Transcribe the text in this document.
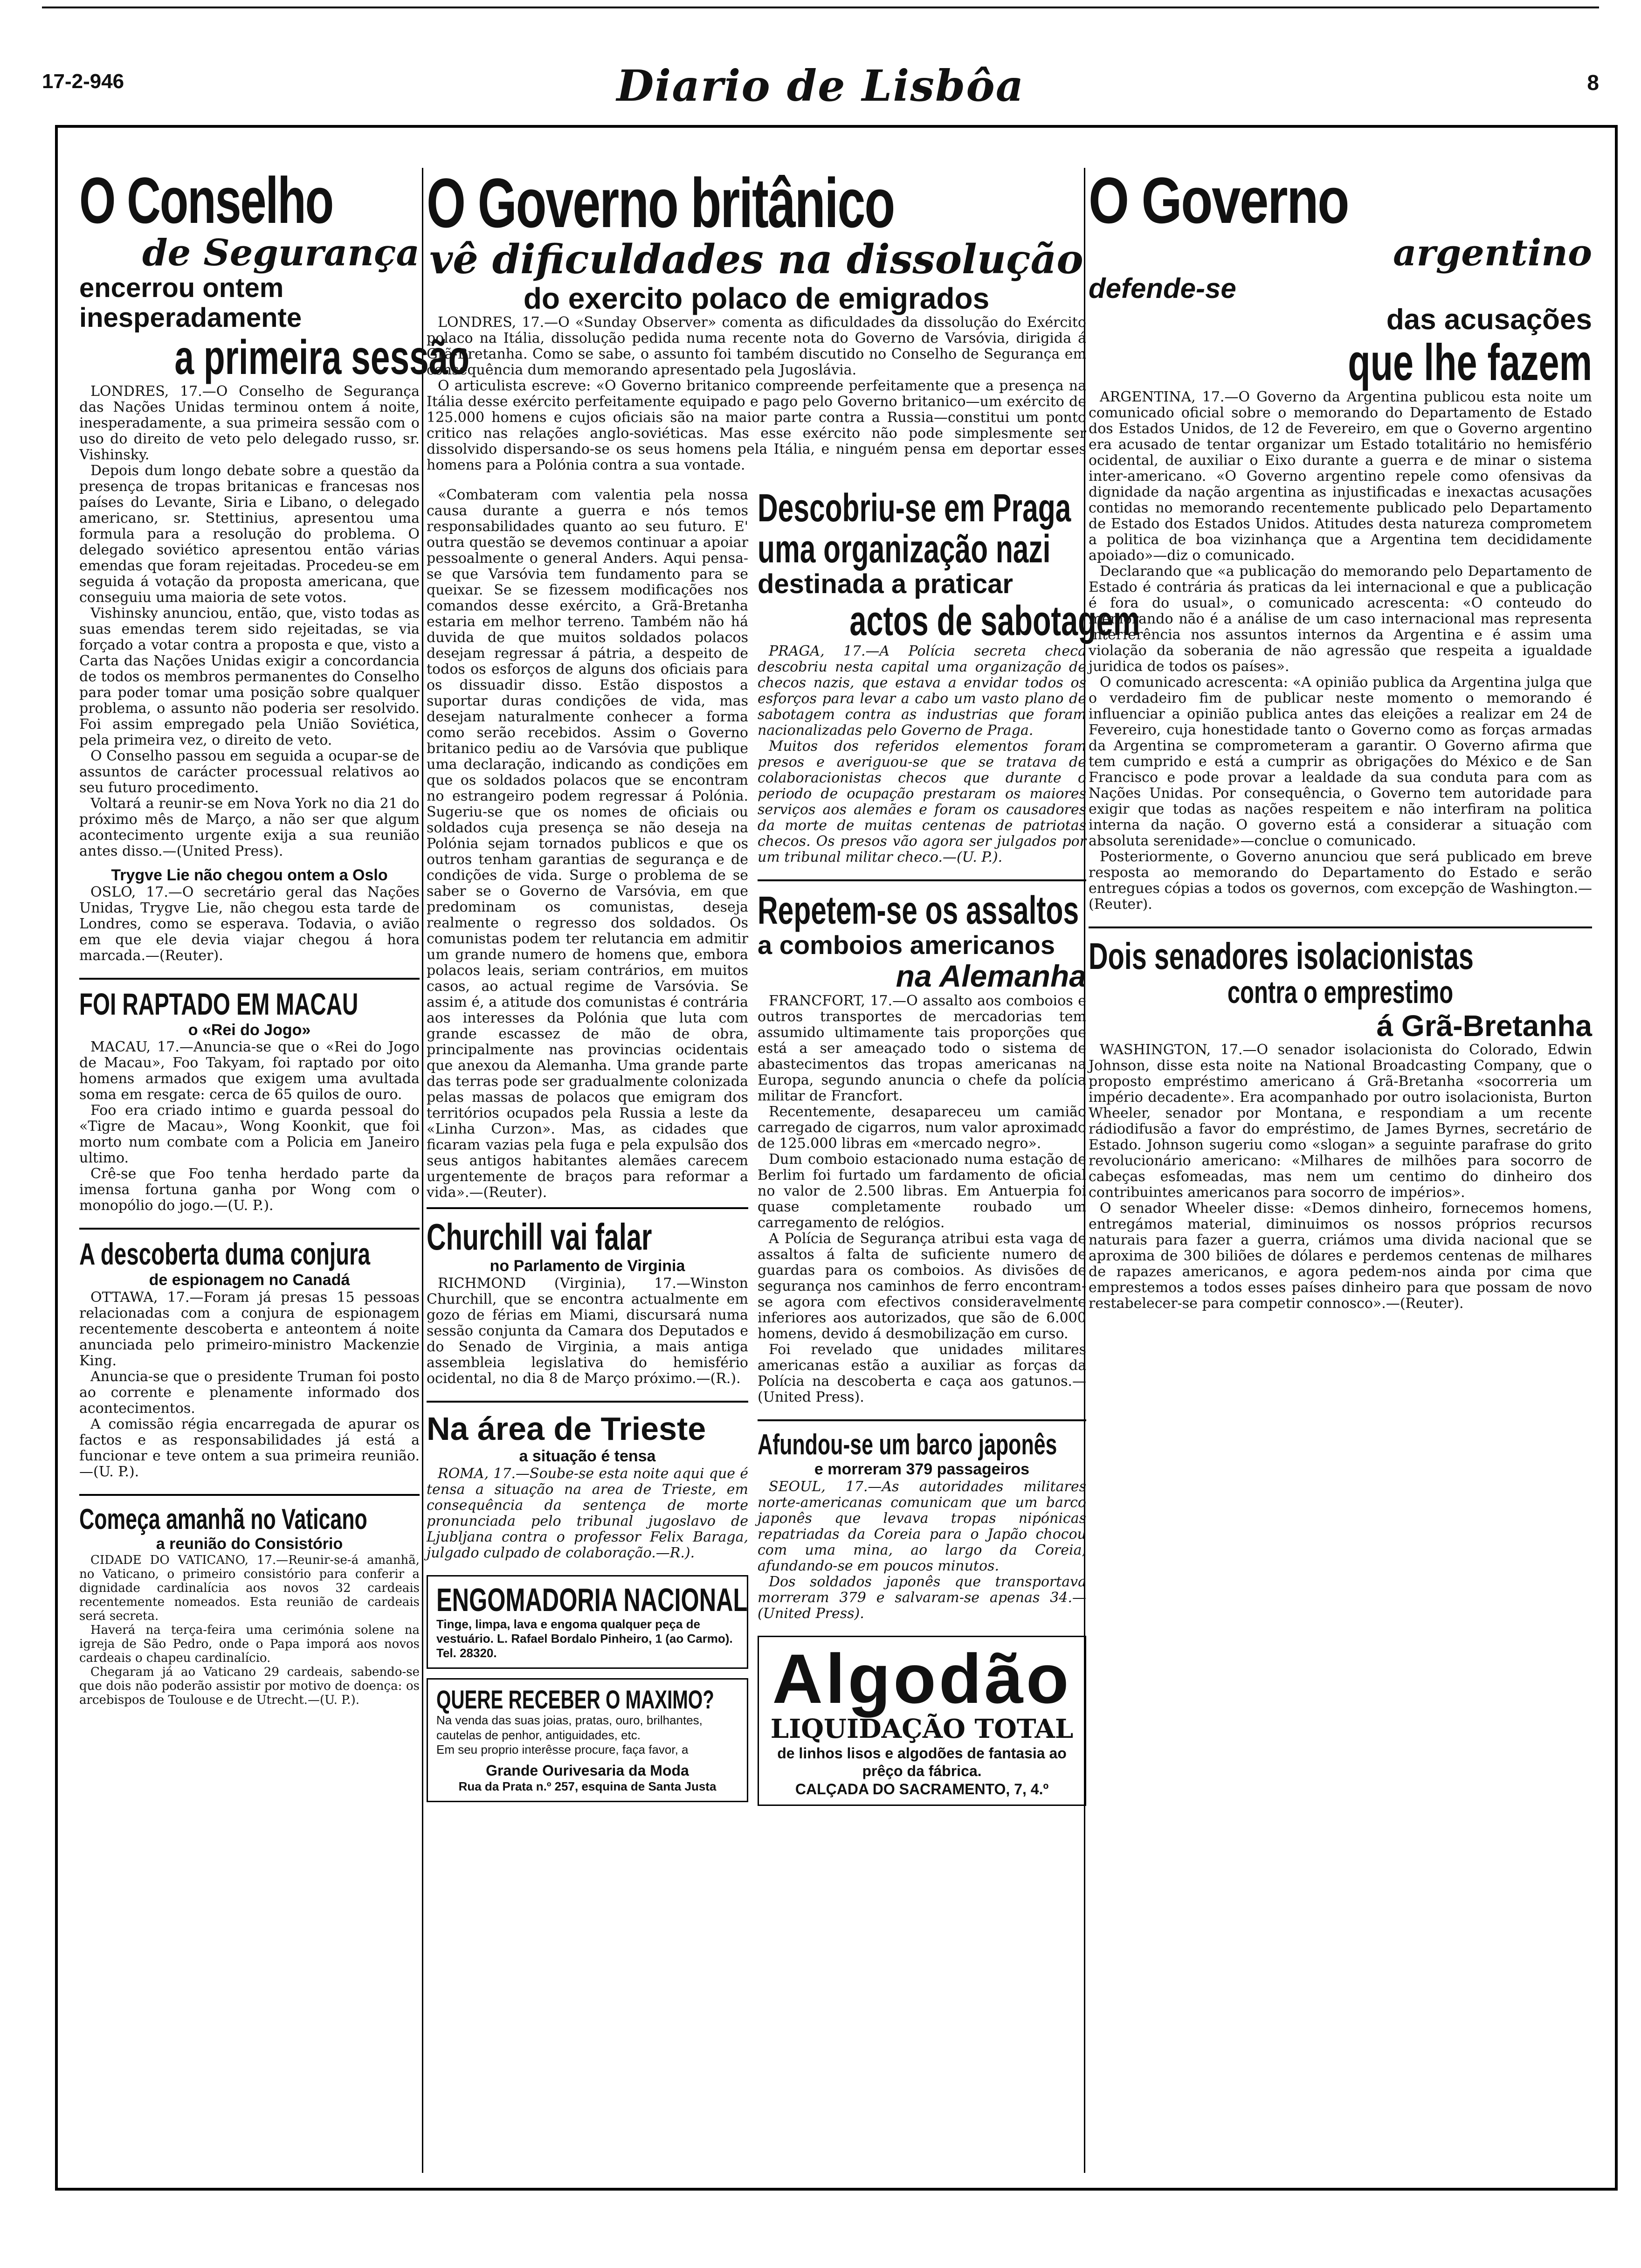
17-2-946	Diario de Lisbôa	8
O Conselho
de Segurança
encerrou ontem inesperadamente
a primeira sessão

LONDRES, 17.—O Conselho de Segurança das Nações Unidas terminou ontem á noite, inesperadamente, a sua primeira sessão com o uso do direito de veto pelo delegado russo, sr. Vishinsky.

Depois dum longo debate sobre a questão da presença de tropas britanicas e francesas nos países do Levante, Siria e Libano, o delegado americano, sr. Stettinius, apresentou uma formula para a resolução do problema. O delegado soviético apresentou então várias emendas que foram rejeitadas. Procedeu-se em seguida á votação da proposta americana, que conseguiu uma maioria de sete votos.

Vishinsky anunciou, então, que, visto todas as suas emendas terem sido rejeitadas, se via forçado a votar contra a proposta e que, visto a Carta das Nações Unidas exigir a concordancia de todos os membros permanentes do Conselho para poder tomar uma posição sobre qualquer problema, o assunto não poderia ser resolvido. Foi assim empregado pela União Soviética, pela primeira vez, o direito de veto.

O Conselho passou em seguida a ocupar-se de assuntos de carácter processual relativos ao seu futuro procedimento.

Voltará a reunir-se em Nova York no dia 21 do próximo mês de Março, a não ser que algum acontecimento urgente exija a sua reunião antes disso.—(United Press).

Trygve Lie não chegou ontem a Oslo

OSLO, 17.—O secretário geral das Nações Unidas, Trygve Lie, não chegou esta tarde de Londres, como se esperava. Todavia, o avião em que ele devia viajar chegou á hora marcada.—(Reuter).

FOI RAPTADO EM MACAU
o «Rei do Jogo»

MACAU, 17.—Anuncia-se que o «Rei do Jogo de Macau», Foo Takyam, foi raptado por oito homens armados que exigem uma avultada soma em resgate: cerca de 65 quilos de ouro.

Foo era criado intimo e guarda pessoal do «Tigre de Macau», Wong Koonkit, que foi morto num combate com a Policia em Janeiro ultimo.

Crê-se que Foo tenha herdado parte da imensa fortuna ganha por Wong com o monopólio do jogo.—(U. P.).

A descoberta duma conjura
de espionagem no Canadá

OTTAWA, 17.—Foram já presas 15 pessoas relacionadas com a conjura de espionagem recentemente descoberta e anteontem á noite anunciada pelo primeiro-ministro Mackenzie King.

Anuncia-se que o presidente Truman foi posto ao corrente e plenamente informado dos acontecimentos.

A comissão régia encarregada de apurar os factos e as responsabilidades já está a funcionar e teve ontem a sua primeira reunião.—(U. P.).

Começa amanhã no Vaticano
a reunião do Consistório

CIDADE DO VATICANO, 17.—Reunir-se-á amanhã, no Vaticano, o primeiro consistório para conferir a dignidade cardinalícia aos novos 32 cardeais recentemente nomeados. Esta reunião de cardeais será secreta.

Haverá na terça-feira uma cerimónia solene na igreja de São Pedro, onde o Papa imporá aos novos cardeais o chapeu cardinalício.

Chegaram já ao Vaticano 29 cardeais, sabendo-se que dois não poderão assistir por motivo de doença: os arcebispos de Toulouse e de Utrecht.—(U. P.).

O Governo britânico
vê dificuldades na dissolução
do exercito polaco de emigrados

LONDRES, 17.—O «Sunday Observer» comenta as dificuldades da dissolução do Exército polaco na Itália, dissolução pedida numa recente nota do Governo de Varsóvia, dirigida á Grã-Bretanha. Como se sabe, o assunto foi também discutido no Conselho de Segurança em consequência dum memorando apresentado pela Jugoslávia.

O articulista escreve: «O Governo britanico compreende perfeitamente que a presença na Itália desse exército perfeitamente equipado e pago pelo Governo britanico—um exército de 125.000 homens e cujos oficiais são na maior parte contra a Russia—constitui um ponto critico nas relações anglo-soviéticas. Mas esse exército não pode simplesmente ser dissolvido dispersando-se os seus homens pela Itália, e ninguém pensa em deportar esses homens para a Polónia contra a sua vontade.

«Combateram com valentia pela nossa causa durante a guerra e nós temos responsabilidades quanto ao seu futuro. E' outra questão se devemos continuar a apoiar pessoalmente o general Anders. Aqui pensa-se que Varsóvia tem fundamento para se queixar. Se se fizessem modificações nos comandos desse exército, a Grã-Bretanha estaria em melhor terreno. Também não há duvida de que muitos soldados polacos desejam regressar á pátria, a despeito de todos os esforços de alguns dos oficiais para os dissuadir disso. Estão dispostos a suportar duras condições de vida, mas desejam naturalmente conhecer a forma como serão recebidos. Assim o Governo britanico pediu ao de Varsóvia que publique uma declaração, indicando as condições em que os soldados polacos que se encontram no estrangeiro podem regressar á Polónia. Sugeriu-se que os nomes de oficiais ou soldados cuja presença se não deseja na Polónia sejam tornados publicos e que os outros tenham garantias de segurança e de condições de vida. Surge o problema de se saber se o Governo de Varsóvia, em que predominam os comunistas, deseja realmente o regresso dos soldados. Os comunistas podem ter relutancia em admitir um grande numero de homens que, embora polacos leais, seriam contrários, em muitos casos, ao actual regime de Varsóvia. Se assim é, a atitude dos comunistas é contrária aos interesses da Polónia que luta com grande escassez de mão de obra, principalmente nas provincias ocidentais que anexou da Alemanha. Uma grande parte das terras pode ser gradualmente colonizada pelas massas de polacos que emigram dos territórios ocupados pela Russia a leste da «Linha Curzon». Mas, as cidades que ficaram vazias pela fuga e pela expulsão dos seus antigos habitantes alemães carecem urgentemente de braços para reformar a vida».—(Reuter).

Churchill vai falar
no Parlamento de Virginia

RICHMOND (Virginia), 17.—Winston Churchill, que se encontra actualmente em gozo de férias em Miami, discursará numa sessão conjunta da Camara dos Deputados e do Senado de Virginia, a mais antiga assembleia legislativa do hemisfério ocidental, no dia 8 de Março próximo.—(R.).

Na área de Trieste
a situação é tensa

ROMA, 17.—Soube-se esta noite aqui que é tensa a situação na area de Trieste, em consequência da sentença de morte pronunciada pelo tribunal jugoslavo de Ljubljana contra o professor Felix Baraga, julgado culpado de colaboração.—R.).

ENGOMADORIA NACIONAL
Tinge, limpa, lava e engoma qualquer peça de vestuário. L. Rafael Bordalo Pinheiro, 1 (ao Carmo). Tel. 28320.
QUERE RECEBER O MAXIMO?
Na venda das suas joias, pratas, ouro, brilhantes, cautelas de penhor, antiguidades, etc.
Em seu proprio interêsse procure, faça favor, a
Grande Ourivesaria da Moda
Rua da Prata n.º 257, esquina de Santa Justa
Descobriu-se em Praga
uma organização nazi
destinada a praticar
actos de sabotagem

PRAGA, 17.—A Polícia secreta checa descobriu nesta capital uma organização de checos nazis, que estava a envidar todos os esforços para levar a cabo um vasto plano de sabotagem contra as industrias que foram nacionalizadas pelo Governo de Praga.

Muitos dos referidos elementos foram presos e averiguou-se que se tratava de colaboracionistas checos que durante o periodo de ocupação prestaram os maiores serviços aos alemães e foram os causadores da morte de muitas centenas de patriotas checos. Os presos vão agora ser julgados por um tribunal militar checo.—(U. P.).

Repetem-se os assaltos
a comboios americanos
na Alemanha

FRANCFORT, 17.—O assalto aos comboios e outros transportes de mercadorias tem assumido ultimamente tais proporções que está a ser ameaçado todo o sistema de abastecimentos das tropas americanas na Europa, segundo anuncia o chefe da polícia militar de Francfort.

Recentemente, desapareceu um camião carregado de cigarros, num valor aproximado de 125.000 libras em «mercado negro».

Dum comboio estacionado numa estação de Berlim foi furtado um fardamento de oficial no valor de 2.500 libras. Em Antuerpia foi quase completamente roubado um carregamento de relógios.

A Polícia de Segurança atribui esta vaga de assaltos á falta de suficiente numero de guardas para os comboios. As divisões de segurança nos caminhos de ferro encontram-se agora com efectivos consideravelmente inferiores aos autorizados, que são de 6.000 homens, devido á desmobilização em curso.

Foi revelado que unidades militares americanas estão a auxiliar as forças da Polícia na descoberta e caça aos gatunos.—(United Press).

Afundou-se um barco japonês
e morreram 379 passageiros

SEOUL, 17.—As autoridades militares norte-americanas comunicam que um barco japonês que levava tropas nipónicas repatriadas da Coreia para o Japão chocou com uma mina, ao largo da Coreia, afundando-se em poucos minutos.

Dos soldados japonês que transportava morreram 379 e salvaram-se apenas 34.—(United Press).

Algodão
LIQUIDAÇÃO TOTAL
de linhos lisos e algodões de fantasia ao prêço da fábrica.
CALÇADA DO SACRAMENTO, 7, 4.º
O Governo
argentino
defende-se
das acusações
que lhe fazem

ARGENTINA, 17.—O Governo da Argentina publicou esta noite um comunicado oficial sobre o memorando do Departamento de Estado dos Estados Unidos, de 12 de Fevereiro, em que o Governo argentino era acusado de tentar organizar um Estado totalitário no hemisfério ocidental, de auxiliar o Eixo durante a guerra e de minar o sistema inter-americano. «O Governo argentino repele como ofensivas da dignidade da nação argentina as injustificadas e inexactas acusações contidas no memorando recentemente publicado pelo Departamento de Estado dos Estados Unidos. Atitudes desta natureza comprometem a politica de boa vizinhança que a Argentina tem decididamente apoiado»—diz o comunicado.

Declarando que «a publicação do memorando pelo Departamento de Estado é contrária ás praticas da lei internacional e que a publicação é fora do usual», o comunicado acrescenta: «O conteudo do memorando não é a análise de um caso internacional mas representa interferência nos assuntos internos da Argentina e é assim uma violação da soberania de não agressão que respeita a igualdade juridica de todos os países».

O comunicado acrescenta: «A opinião publica da Argentina julga que o verdadeiro fim de publicar neste momento o memorando é influenciar a opinião publica antes das eleições a realizar em 24 de Fevereiro, cuja honestidade tanto o Governo como as forças armadas da Argentina se comprometeram a garantir. O Governo afirma que tem cumprido e está a cumprir as obrigações do México e de San Francisco e pode provar a lealdade da sua conduta para com as Nações Unidas. Por consequência, o Governo tem autoridade para exigir que todas as nações respeitem e não interfiram na politica interna da nação. O governo está a considerar a situação com absoluta serenidade»—conclue o comunicado.

Posteriormente, o Governo anunciou que será publicado em breve resposta ao memorando do Departamento do Estado e serão entregues cópias a todos os governos, com excepção de Washington.—(Reuter).

Dois senadores isolacionistas
contra o emprestimo
á Grã-Bretanha

WASHINGTON, 17.—O senador isolacionista do Colorado, Edwin Johnson, disse esta noite na National Broadcasting Company, que o proposto empréstimo americano á Grã-Bretanha «socorreria um império decadente». Era acompanhado por outro isolacionista, Burton Wheeler, senador por Montana, e respondiam a um recente rádiodifusão a favor do empréstimo, de James Byrnes, secretário de Estado. Johnson sugeriu como «slogan» a seguinte parafrase do grito revolucionário americano: «Milhares de milhões para socorro de cabeças esfomeadas, mas nem um centimo do dinheiro dos contribuintes americanos para socorro de impérios».

O senador Wheeler disse: «Demos dinheiro, fornecemos homens, entregámos material, diminuimos os nossos próprios recursos naturais para fazer a guerra, criámos uma divida nacional que se aproxima de 300 biliões de dólares e perdemos centenas de milhares de rapazes americanos, e agora pedem-nos ainda por cima que emprestemos a todos esses países dinheiro para que possam de novo restabelecer-se para competir connosco».—(Reuter).
